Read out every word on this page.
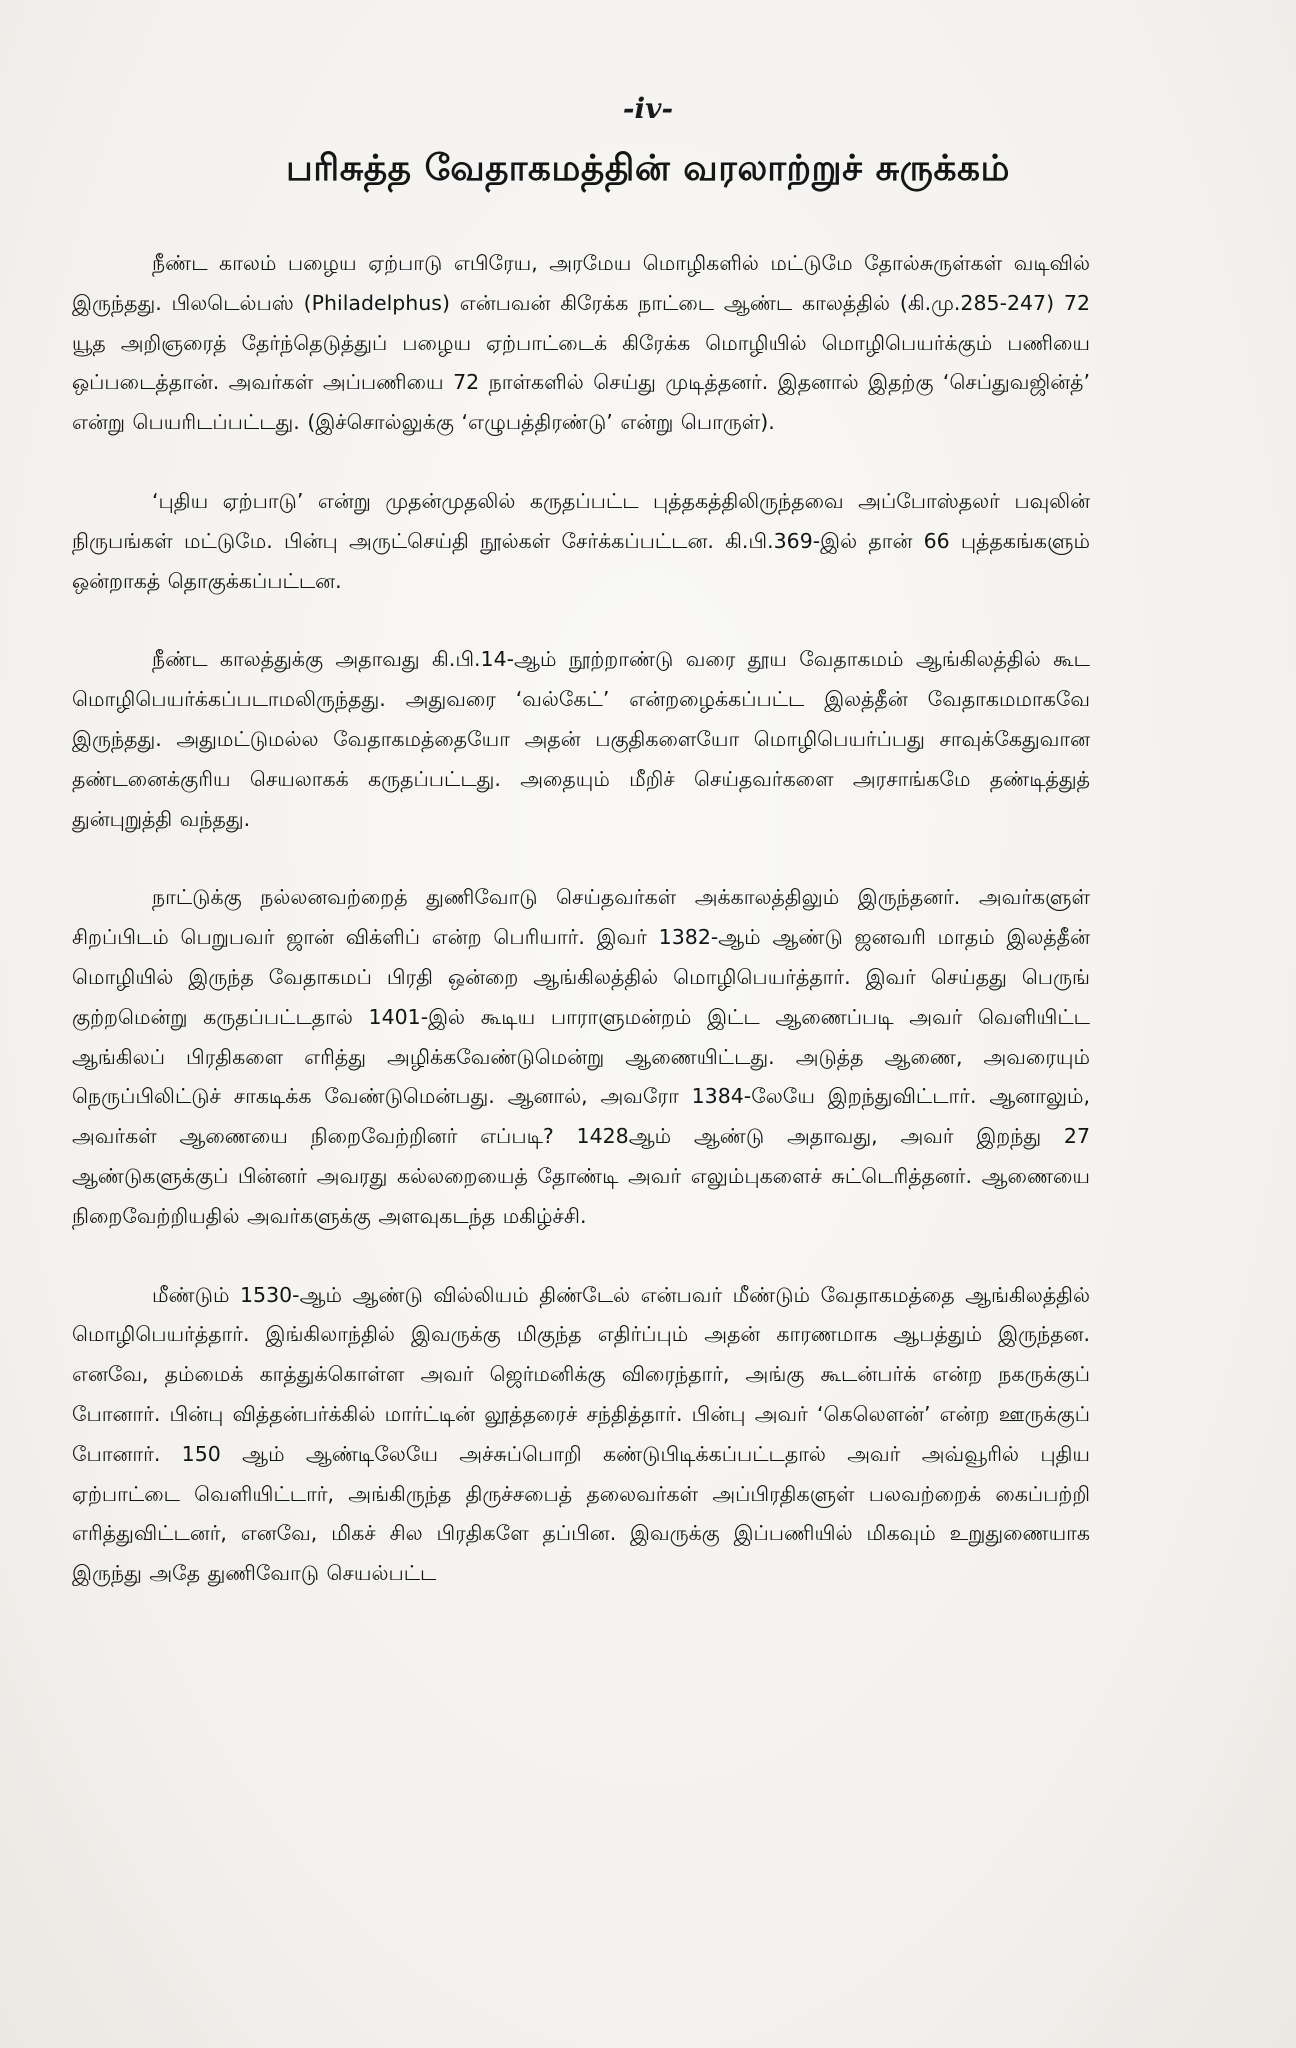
-iv-
பரிசுத்த வேதாகமத்தின் வரலாற்றுச் சுருக்கம்

நீண்ட காலம் பழைய ஏற்பாடு எபிரேய, அரமேய மொழிகளில் மட்டுமே தோல்சுருள்கள் வடிவில் இருந்தது. பிலடெல்பஸ் (Philadelphus) என்பவன் கிரேக்க நாட்டை ஆண்ட காலத்தில் (கி.மு.285-247) 72 யூத அறிஞரைத் தேர்ந்தெடுத்துப் பழைய ஏற்பாட்டைக் கிரேக்க மொழியில் மொழிபெயர்க்கும் பணியை ஒப்படைத்தான். அவர்கள் அப்பணியை 72 நாள்களில் செய்து முடித்தனர். இதனால் இதற்கு ‘செப்துவஜின்த்’ என்று பெயரிடப்பட்டது. (இச்சொல்லுக்கு ‘எழுபத்திரண்டு’ என்று பொருள்).

‘புதிய ஏற்பாடு’ என்று முதன்முதலில் கருதப்பட்ட புத்தகத்திலிருந்தவை அப்போஸ்தலர் பவுலின் நிருபங்கள் மட்டுமே. பின்பு அருட்செய்தி நூல்கள் சேர்க்கப்பட்டன. கி.பி.369-இல் தான் 66 புத்தகங்களும் ஒன்றாகத் தொகுக்கப்பட்டன.

நீண்ட காலத்துக்கு அதாவது கி.பி.14-ஆம் நூற்றாண்டு வரை தூய வேதாகமம் ஆங்கிலத்தில் கூட மொழிபெயர்க்கப்படாமலிருந்தது. அதுவரை ‘வல்கேட்’ என்றழைக்கப்பட்ட இலத்தீன் வேதாகமமாகவே இருந்தது. அதுமட்டுமல்ல வேதாகமத்தையோ அதன் பகுதிகளையோ மொழிபெயர்ப்பது சாவுக்கேதுவான தண்டனைக்குரிய செயலாகக் கருதப்பட்டது. அதையும் மீறிச் செய்தவர்களை அரசாங்கமே தண்டித்துத் துன்புறுத்தி வந்தது.

நாட்டுக்கு நல்லனவற்றைத் துணிவோடு செய்தவர்கள் அக்காலத்திலும் இருந்தனர். அவர்களுள் சிறப்பிடம் பெறுபவர் ஜான் விக்ளிப் என்ற பெரியார். இவர் 1382-ஆம் ஆண்டு ஜனவரி மாதம் இலத்தீன் மொழியில் இருந்த வேதாகமப் பிரதி ஒன்றை ஆங்கிலத்தில் மொழிபெயர்த்தார். இவர் செய்தது பெருங் குற்றமென்று கருதப்பட்டதால் 1401-இல் கூடிய பாராளுமன்றம் இட்ட ஆணைப்படி அவர் வெளியிட்ட ஆங்கிலப் பிரதிகளை எரித்து அழிக்கவேண்டுமென்று ஆணையிட்டது. அடுத்த ஆணை, அவரையும் நெருப்பிலிட்டுச் சாகடிக்க வேண்டுமென்பது. ஆனால், அவரோ 1384-லேயே இறந்துவிட்டார். ஆனாலும், அவர்கள் ஆணையை நிறைவேற்றினர் எப்படி? 1428ஆம் ஆண்டு அதாவது, அவர் இறந்து 27 ஆண்டுகளுக்குப் பின்னர் அவரது கல்லறையைத் தோண்டி அவர் எலும்புகளைச் சுட்டெரித்தனர். ஆணையை நிறைவேற்றியதில் அவர்களுக்கு அளவுகடந்த மகிழ்ச்சி.

மீண்டும் 1530-ஆம் ஆண்டு வில்லியம் திண்டேல் என்பவர் மீண்டும் வேதாகமத்தை ஆங்கிலத்தில் மொழிபெயர்த்தார். இங்கிலாந்தில் இவருக்கு மிகுந்த எதிர்ப்பும் அதன் காரணமாக ஆபத்தும் இருந்தன. எனவே, தம்மைக் காத்துக்கொள்ள அவர் ஜெர்மனிக்கு விரைந்தார், அங்கு கூடன்பர்க் என்ற நகருக்குப் போனார். பின்பு வித்தன்பர்க்கில் மார்ட்டின் லூத்தரைச் சந்தித்தார். பின்பு அவர் ‘கெலௌன்’ என்ற ஊருக்குப் போனார். 150 ஆம் ஆண்டிலேயே அச்சுப்பொறி கண்டுபிடிக்கப்பட்டதால் அவர் அவ்வூரில் புதிய ஏற்பாட்டை வெளியிட்டார், அங்கிருந்த திருச்சபைத் தலைவர்கள் அப்பிரதிகளுள் பலவற்றைக் கைப்பற்றி எரித்துவிட்டனர், எனவே, மிகச் சில பிரதிகளே தப்பின. இவருக்கு இப்பணியில் மிகவும் உறுதுணையாக இருந்து அதே துணிவோடு செயல்பட்ட
